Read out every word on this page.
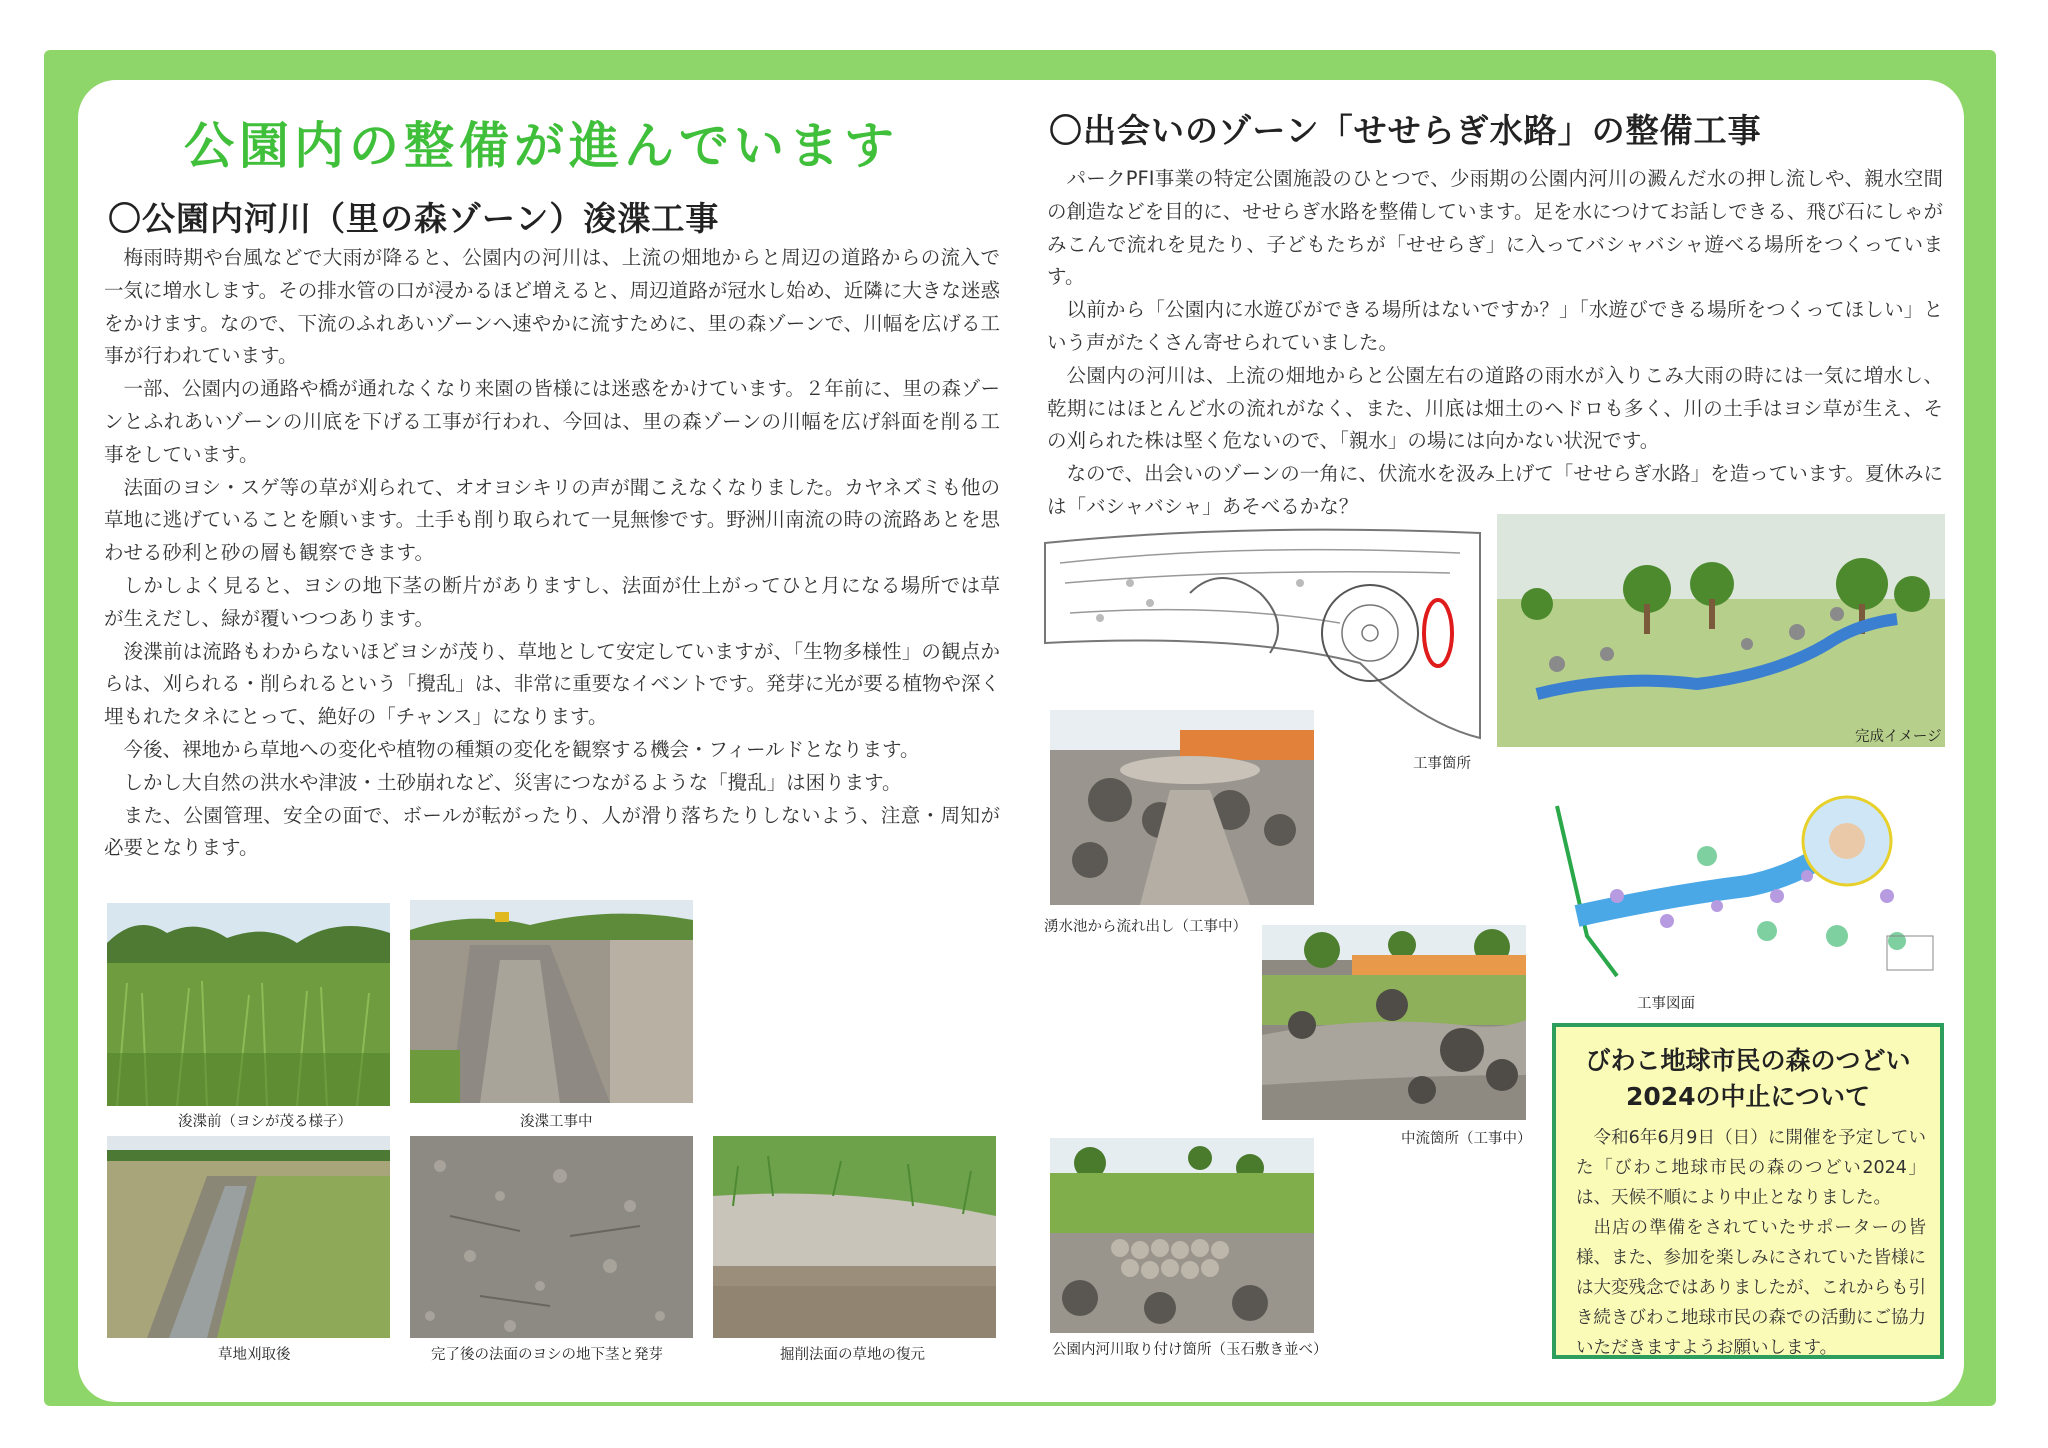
公園内の整備が進んでいます
〇公園内河川（里の森ゾーン）浚渫工事

梅雨時期や台風などで大雨が降ると、公園内の河川は、上流の畑地からと周辺の道路からの流入で一気に増水します。その排水管の口が浸かるほど増えると、周辺道路が冠水し始め、近隣に大きな迷惑をかけます。なので、下流のふれあいゾーンへ速やかに流すために、里の森ゾーンで、川幅を広げる工事が行われています。

一部、公園内の通路や橋が通れなくなり来園の皆様には迷惑をかけています。２年前に、里の森ゾーンとふれあいゾーンの川底を下げる工事が行われ、今回は、里の森ゾーンの川幅を広げ斜面を削る工事をしています。

法面のヨシ・スゲ等の草が刈られて、オオヨシキリの声が聞こえなくなりました。カヤネズミも他の草地に逃げていることを願います。土手も削り取られて一見無惨です。野洲川南流の時の流路あとを思わせる砂利と砂の層も観察できます。

しかしよく見ると、ヨシの地下茎の断片がありますし、法面が仕上がってひと月になる場所では草が生えだし、緑が覆いつつあります。

浚渫前は流路もわからないほどヨシが茂り、草地として安定していますが、「生物多様性」の観点からは、刈られる・削られるという「攪乱」は、非常に重要なイベントです。発芽に光が要る植物や深く埋もれたタネにとって、絶好の「チャンス」になります。

今後、裸地から草地への変化や植物の種類の変化を観察する機会・フィールドとなります。

しかし大自然の洪水や津波・土砂崩れなど、災害につながるような「攪乱」は困ります。

また、公園管理、安全の面で、ボールが転がったり、人が滑り落ちたりしないよう、注意・周知が必要となります。

浚渫前（ヨシが茂る様子）	浚渫工事中
草地刈取後	完了後の法面のヨシの地下茎と発芽	掘削法面の草地の復元
〇出会いのゾーン「せせらぎ水路」の整備工事

パークPFI事業の特定公園施設のひとつで、少雨期の公園内河川の澱んだ水の押し流しや、親水空間の創造などを目的に、せせらぎ水路を整備しています。足を水につけてお話しできる、飛び石にしゃがみこんで流れを見たり、子どもたちが「せせらぎ」に入ってバシャバシャ遊べる場所をつくっています。

以前から「公園内に水遊びができる場所はないですか？」「水遊びできる場所をつくってほしい」という声がたくさん寄せられていました。

公園内の河川は、上流の畑地からと公園左右の道路の雨水が入りこみ大雨の時には一気に増水し、乾期にはほとんど水の流れがなく、また、川底は畑土のヘドロも多く、川の土手はヨシ草が生え、その刈られた株は堅く危ないので、「親水」の場には向かない状況です。

なので、出会いのゾーンの一角に、伏流水を汲み上げて「せせらぎ水路」を造っています。夏休みには「バシャバシャ」あそべるかな？

工事箇所
完成イメージ
湧水池から流れ出し（工事中）
工事図面
中流箇所（工事中）
公園内河川取り付け箇所（玉石敷き並べ）
びわこ地球市民の森のつどい
2024の中止について

令和6年6月9日（日）に開催を予定していた「びわこ地球市民の森のつどい2024」は、天候不順により中止となりました。

出店の準備をされていたサポーターの皆様、また、参加を楽しみにされていた皆様には大変残念ではありましたが、これからも引き続きびわこ地球市民の森での活動にご協力いただきますようお願いします。
